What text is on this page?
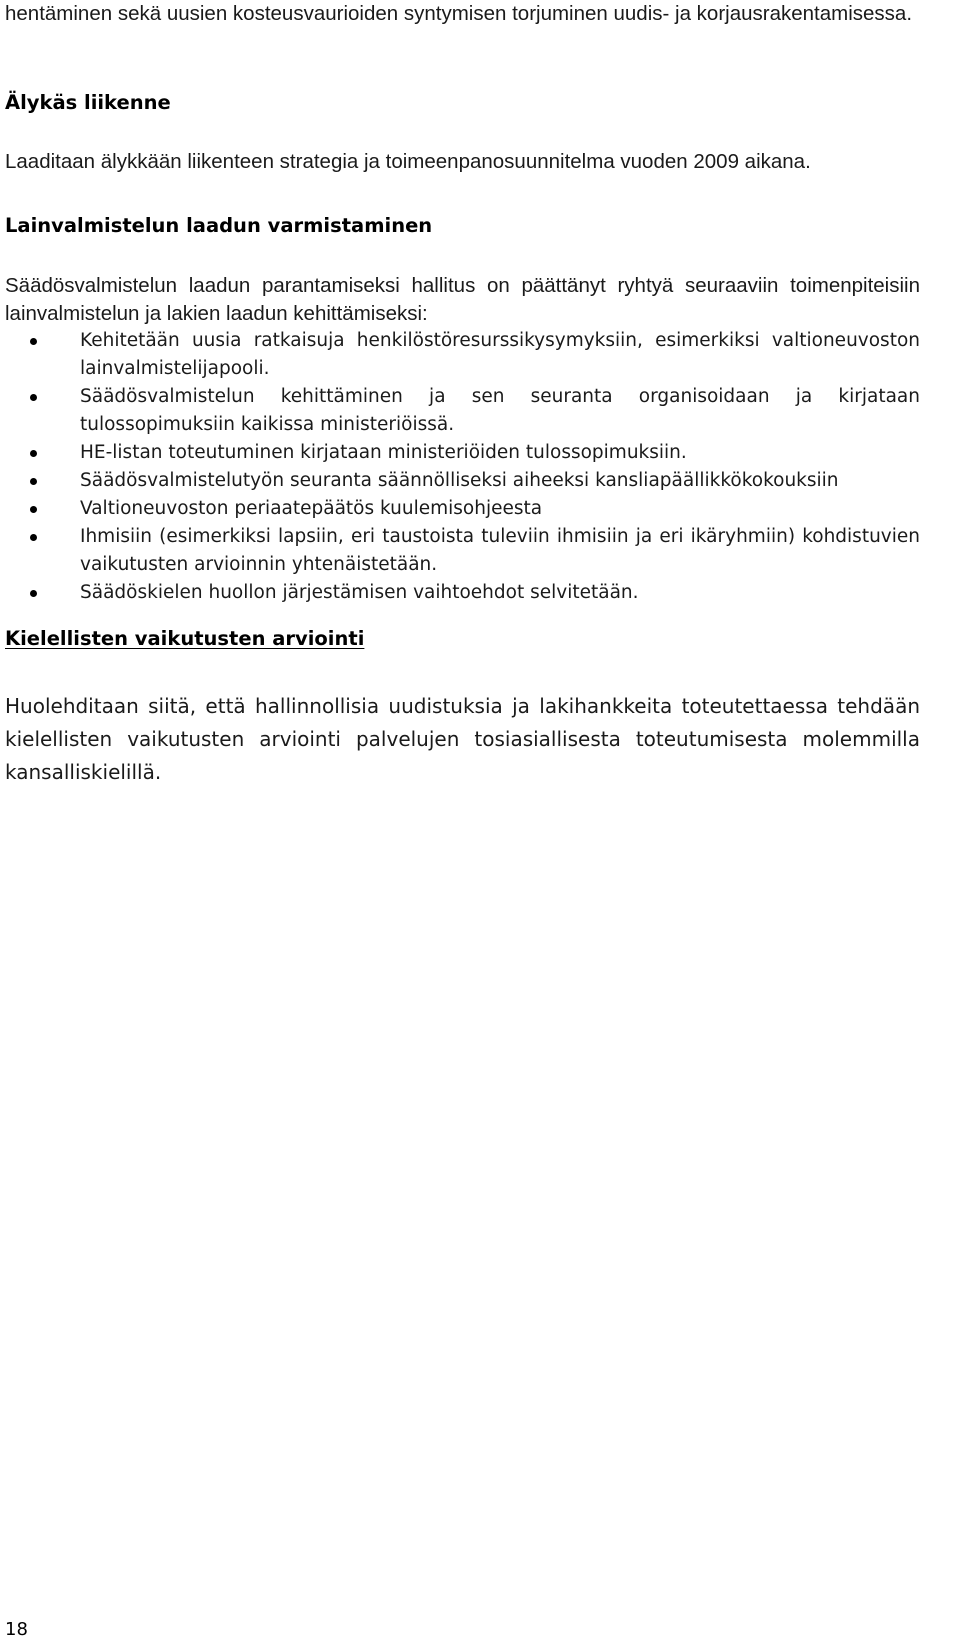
hentäminen sekä uusien kosteusvaurioiden syntymisen torjuminen uudis- ja korjausrakentamisessa.

Älykäs liikenne

Laaditaan älykkään liikenteen strategia ja toimeenpanosuunnitelma vuoden 2009 aikana.

Lainvalmistelun laadun varmistaminen

Säädösvalmistelun laadun parantamiseksi hallitus on päättänyt ryhtyä seuraaviin toimenpiteisiin lainvalmistelun ja lakien laadun kehittämiseksi:

Kehitetään uusia ratkaisuja henkilöstöresurssikysymyksiin, esimerkiksi valtioneuvoston lainvalmistelijapooli.
Säädösvalmistelun kehittäminen ja sen seuranta organisoidaan ja kirjataan tulossopimuksiin kaikissa ministeriöissä.
HE-listan toteutuminen kirjataan ministeriöiden tulossopimuksiin.
Säädösvalmistelutyön seuranta säännölliseksi aiheeksi kansliapäällikkökokouksiin
Valtioneuvoston periaatepäätös kuulemisohjeesta
Ihmisiin (esimerkiksi lapsiin, eri taustoista tuleviin ihmisiin ja eri ikäryhmiin) kohdistuvien vaikutusten arvioinnin yhtenäistetään.
Säädöskielen huollon järjestämisen vaihtoehdot selvitetään.
Kielellisten vaikutusten arviointi

Huolehditaan siitä, että hallinnollisia uudistuksia ja lakihankkeita toteutettaessa tehdään kielellisten vaikutusten arviointi palvelujen tosiasiallisesta toteutumisesta molemmilla kansalliskielillä.

18
